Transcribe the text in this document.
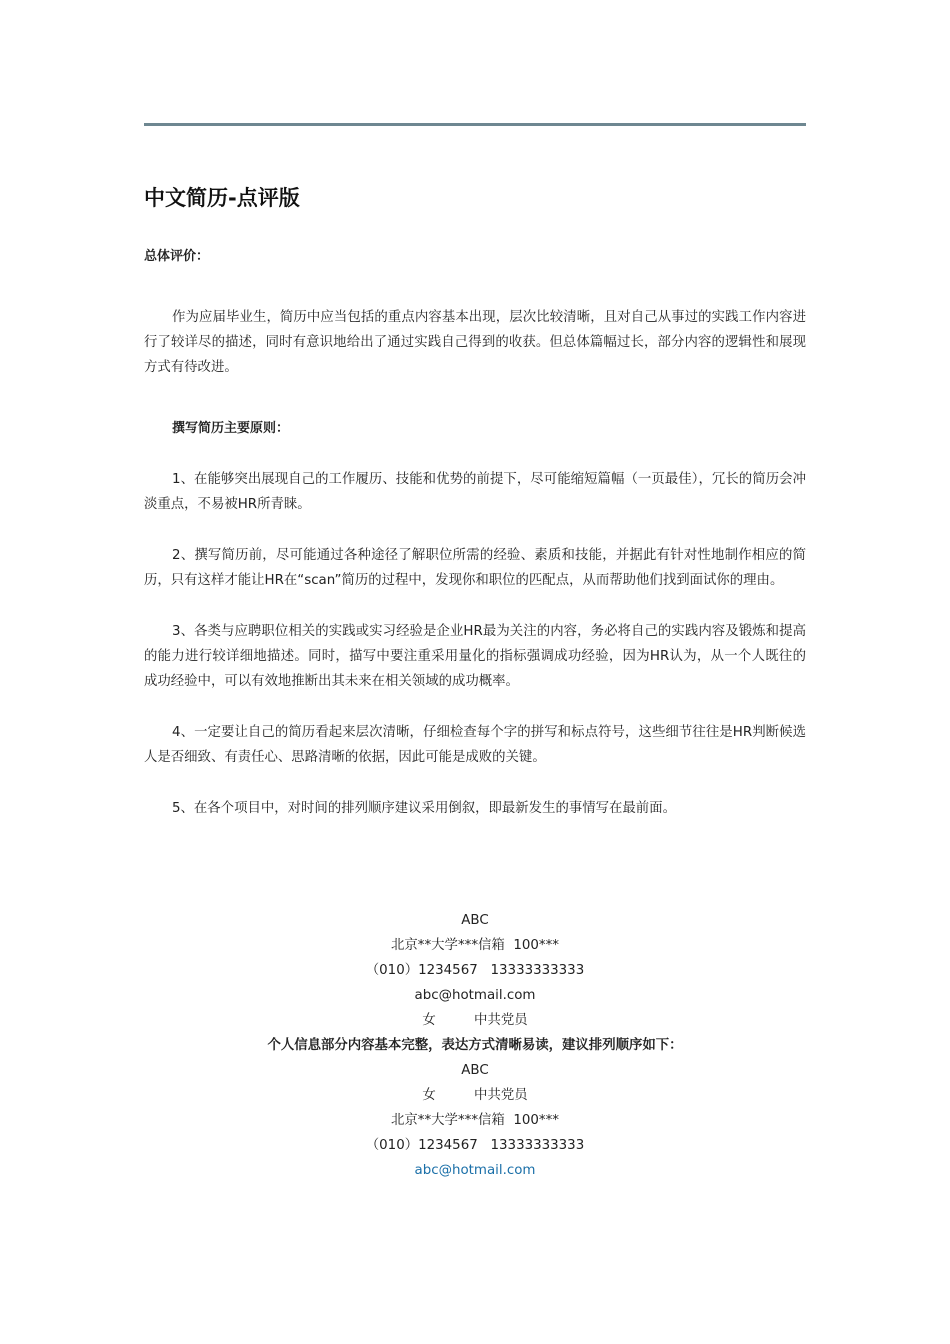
中文简历-点评版

总体评价：

作为应届毕业生，简历中应当包括的重点内容基本出现，层次比较清晰，且对自己从事过的实践工作内容进行了较详尽的描述，同时有意识地给出了通过实践自己得到的收获。但总体篇幅过长，部分内容的逻辑性和展现方式有待改进。

撰写简历主要原则：

1、在能够突出展现自己的工作履历、技能和优势的前提下，尽可能缩短篇幅（一页最佳），冗长的简历会冲淡重点，不易被HR所青睐。

2、撰写简历前，尽可能通过各种途径了解职位所需的经验、素质和技能，并据此有针对性地制作相应的简历，只有这样才能让HR在“scan”简历的过程中，发现你和职位的匹配点，从而帮助他们找到面试你的理由。

3、各类与应聘职位相关的实践或实习经验是企业HR最为关注的内容，务必将自己的实践内容及锻炼和提高的能力进行较详细地描述。同时，描写中要注重采用量化的指标强调成功经验，因为HR认为，从一个人既往的成功经验中，可以有效地推断出其未来在相关领域的成功概率。

4、一定要让自己的简历看起来层次清晰，仔细检查每个字的拼写和标点符号，这些细节往往是HR判断候选人是否细致、有责任心、思路清晰的依据，因此可能是成败的关键。

5、在各个项目中，对时间的排列顺序建议采用倒叙，即最新发生的事情写在最前面。

ABC

北京**大学***信箱  100***

（010）1234567   13333333333

abc@hotmail.com

女         中共党员

个人信息部分内容基本完整，表达方式清晰易读，建议排列顺序如下：

ABC

女         中共党员

北京**大学***信箱  100***

（010）1234567   13333333333

abc@hotmail.com
